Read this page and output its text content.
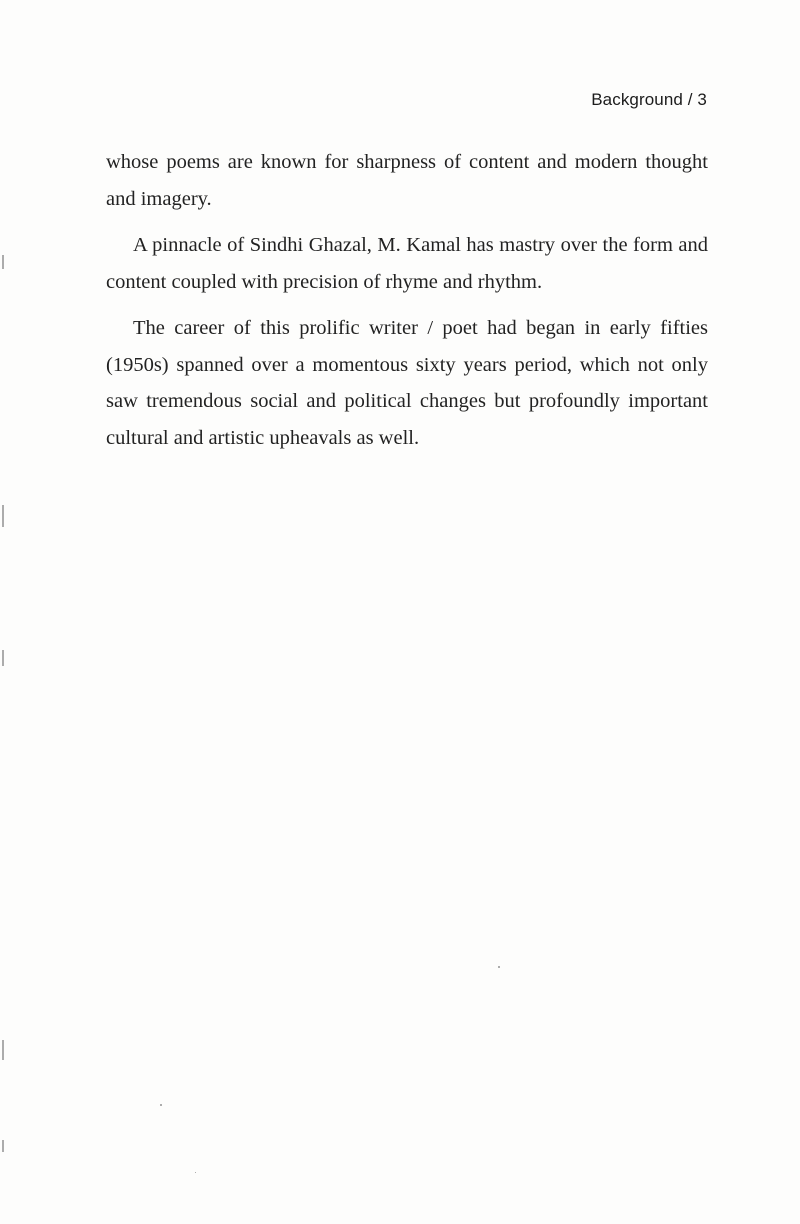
Background / 3

whose poems are known for sharpness of content and modern thought and imagery.

A pinnacle of Sindhi Ghazal, M. Kamal has mastry over the form and content coupled with precision of rhyme and rhythm.

The career of this prolific writer / poet had began in early fifties (1950s) spanned over a momentous sixty years period, which not only saw tremendous social and political changes but profoundly important cultural and artistic upheavals as well.
